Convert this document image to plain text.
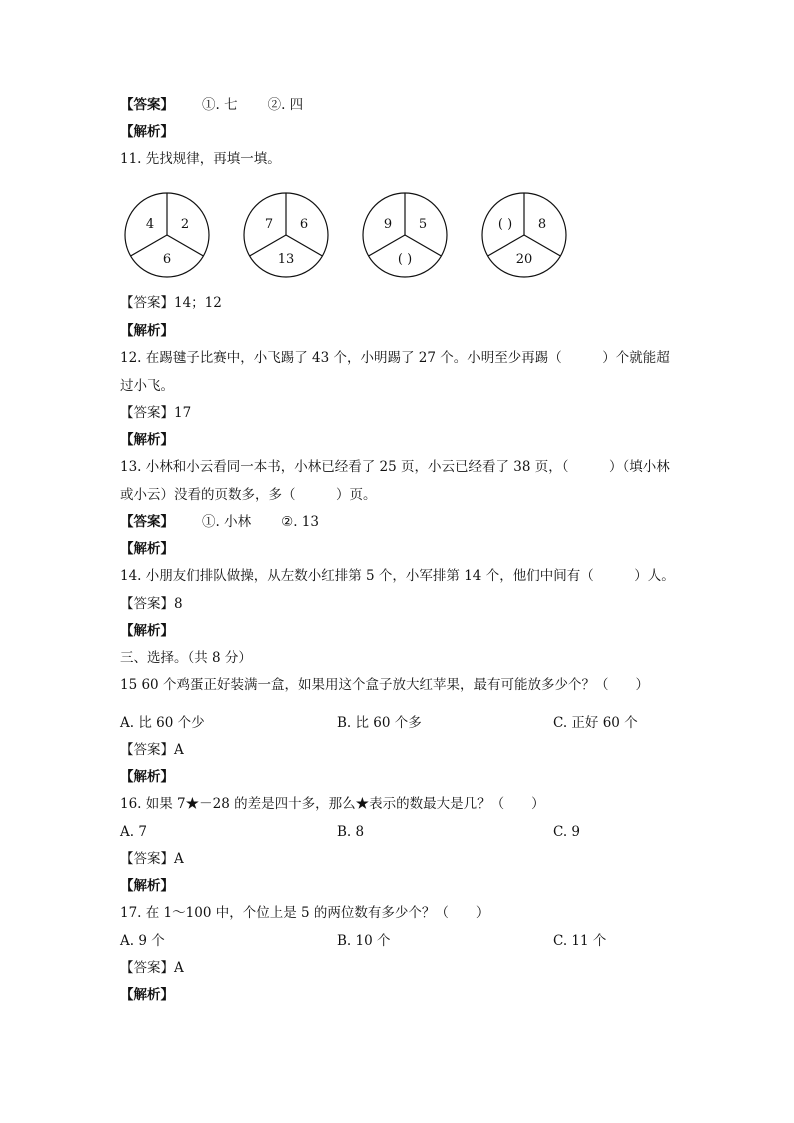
【答案】 ①. 七 ②. 四
【解析】
11. 先找规律，再填一填。
4 2
6
7 6
13
9 5
( )
( ) 8
20
【答案】14；12
【解析】
12. 在踢毽子比赛中，小飞踢了 43 个，小明踢了 27 个。小明至少再踢（　　　）个就能超
过小飞。
【答案】17
【解析】
13. 小林和小云看同一本书，小林已经看了 25 页，小云已经看了 38 页，（　　　）（填小林
或小云）没看的页数多，多（　　　）页。
【答案】 ①. 小林 ②. 13
【解析】
14. 小朋友们排队做操，从左数小红排第 5 个，小军排第 14 个，他们中间有（　　　）人。
【答案】8
【解析】
三、选择。（共 8 分）
15 60 个鸡蛋正好装满一盒，如果用这个盒子放大红苹果，最有可能放多少个？（　　）
A. 比 60 个少	B. 比 60 个多	C. 正好 60 个
【答案】A
【解析】
16. 如果 7★－28 的差是四十多，那么★表示的数最大是几？（　　）
A. 7	B. 8	C. 9
【答案】A
【解析】
17. 在 1～100 中，个位上是 5 的两位数有多少个？（　　）
A. 9 个	B. 10 个	C. 11 个
【答案】A
【解析】
